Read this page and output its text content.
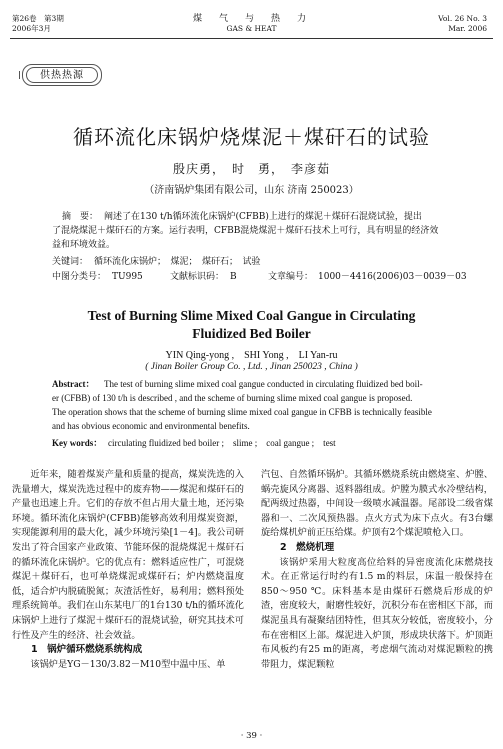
第26卷　第3期
2006年3月
煤　气　与　热　力
GAS & HEAT
Vol. 26 No. 3
Mar. 2006
供热热源
循环流化床锅炉烧煤泥＋煤矸石的试验
殷庆勇，　时　勇，　李彦茹
（济南锅炉集团有限公司，山东 济南 250023）
摘　要： 阐述了在130 t/h循环流化床锅炉(CFBB)上进行的煤泥＋煤矸石混烧试验，提出
了混烧煤泥＋煤矸石的方案。运行表明，CFBB混烧煤泥＋煤矸石技术上可行，具有明显的经济效
益和环境效益。
关键词： 循环流化床锅炉；　煤泥；　煤矸石；　试验
中图分类号： TU995	文献标识码： B	文章编号： 1000－4416(2006)03－0039－03
Test of Burning Slime Mixed Coal Gangue in Circulating
Fluidized Bed Boiler
YIN Qing-yong ,　SHI Yong ,　LI Yan-ru
( Jinan Boiler Group Co. , Ltd. , Jinan 250023 , China )
Abstract： The test of burning slime mixed coal gangue conducted in circulating fluidized bed boil-
er (CFBB) of 130 t/h is described , and the scheme of burning slime mixed coal gangue is proposed.
The operation shows that the scheme of burning slime mixed coal gangue in CFBB is technically feasible
and has obvious economic and environmental benefits.
Key words： circulating fluidized bed boiler ;　slime ;　coal gangue ;　test

近年来，随着煤炭产量和质量的提高，煤炭洗选的入洗量增大，煤炭洗选过程中的废弃物——煤泥和煤矸石的产量也迅速上升。它们的存放不但占用大量土地，还污染环境。循环流化床锅炉(CFBB)能够高效利用煤炭资源，实现能源利用的最大化，减少环境污染[1－4]。我公司研发出了符合国家产业政策、节能环保的混烧煤泥＋煤矸石的循环流化床锅炉。它的优点有：燃料适应性广，可混烧煤泥＋煤矸石，也可单烧煤泥或煤矸石；炉内燃烧温度低，适合炉内脱硫脱氮；灰渣活性好，易利用；燃料预处理系统简单。我们在山东某电厂的1台130 t/h的循环流化床锅炉上进行了煤泥＋煤矸石的混烧试验，研究其技术可行性及产生的经济、社会效益。

1　锅炉循环燃烧系统构成

该锅炉是YG－130/3.82－M10型中温中压、单

汽包、自然循环锅炉。其循环燃烧系统由燃烧室、炉膛、蜗壳旋风分离器、返料器组成。炉膛为膜式水冷壁结构，配两级过热器，中间设一级喷水减温器。尾部设二级省煤器和一、二次风预热器。点火方式为床下点火。有3台螺旋给煤机炉前正压给煤。炉顶有2个煤泥喷枪入口。

2　燃烧机理

该锅炉采用大粒度高位给料的异密度流化床燃烧技术。在正常运行时约有1.5 m的料层，床温一般保持在850～950 ℃。床料基本是由煤矸石燃烧后形成的炉渣，密度较大，耐磨性较好，沉积分布在密相区下部，而煤泥虽具有凝聚结团特性，但其灰分较低，密度较小，分布在密相区上部。煤泥进入炉顶，形成块状落下。炉顶距布风板约有25 m的距离，考虑烟气流动对煤泥颗粒的携带阻力，煤泥颗粒

· 39 ·
